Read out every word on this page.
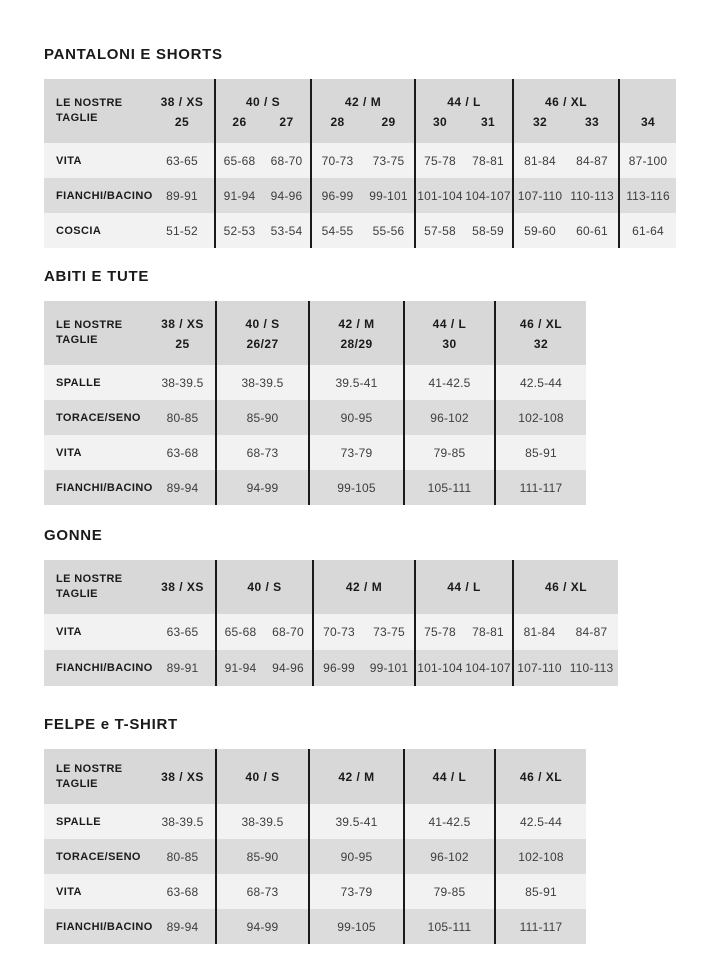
PANTALONI E SHORTS
LE NOSTRE
TAGLIE	38 / XS	40 / S		42 / M		44 / L		46 / XL		
	25	26	27	28	29	30	31	32	33	34
VITA	63-65	65-68	68-70	70-73	73-75	75-78	78-81	81-84	84-87	87-100
FIANCHI/BACINO	89-91	91-94	94-96	96-99	99-101	101-104	104-107	107-110	110-113	113-116
COSCIA	51-52	52-53	53-54	54-55	55-56	57-58	58-59	59-60	60-61	61-64
ABITI E TUTE
LE NOSTRE
TAGLIE	38 / XS	40 / S	42 / M	44 / L	46 / XL
	25	26/27	28/29	30	32
SPALLE	38-39.5	38-39.5	39.5-41	41-42.5	42.5-44
TORACE/SENO	80-85	85-90	90-95	96-102	102-108
VITA	63-68	68-73	73-79	79-85	85-91
FIANCHI/BACINO	89-94	94-99	99-105	105-111	111-117
GONNE
LE NOSTRE
TAGLIE	38 / XS	40 / S		42 / M		44 / L		46 / XL	
VITA	63-65	65-68	68-70	70-73	73-75	75-78	78-81	81-84	84-87
FIANCHI/BACINO	89-91	91-94	94-96	96-99	99-101	101-104	104-107	107-110	110-113
FELPE e T-SHIRT
LE NOSTRE
TAGLIE	38 / XS	40 / S	42 / M	44 / L	46 / XL
SPALLE	38-39.5	38-39.5	39.5-41	41-42.5	42.5-44
TORACE/SENO	80-85	85-90	90-95	96-102	102-108
VITA	63-68	68-73	73-79	79-85	85-91
FIANCHI/BACINO	89-94	94-99	99-105	105-111	111-117
